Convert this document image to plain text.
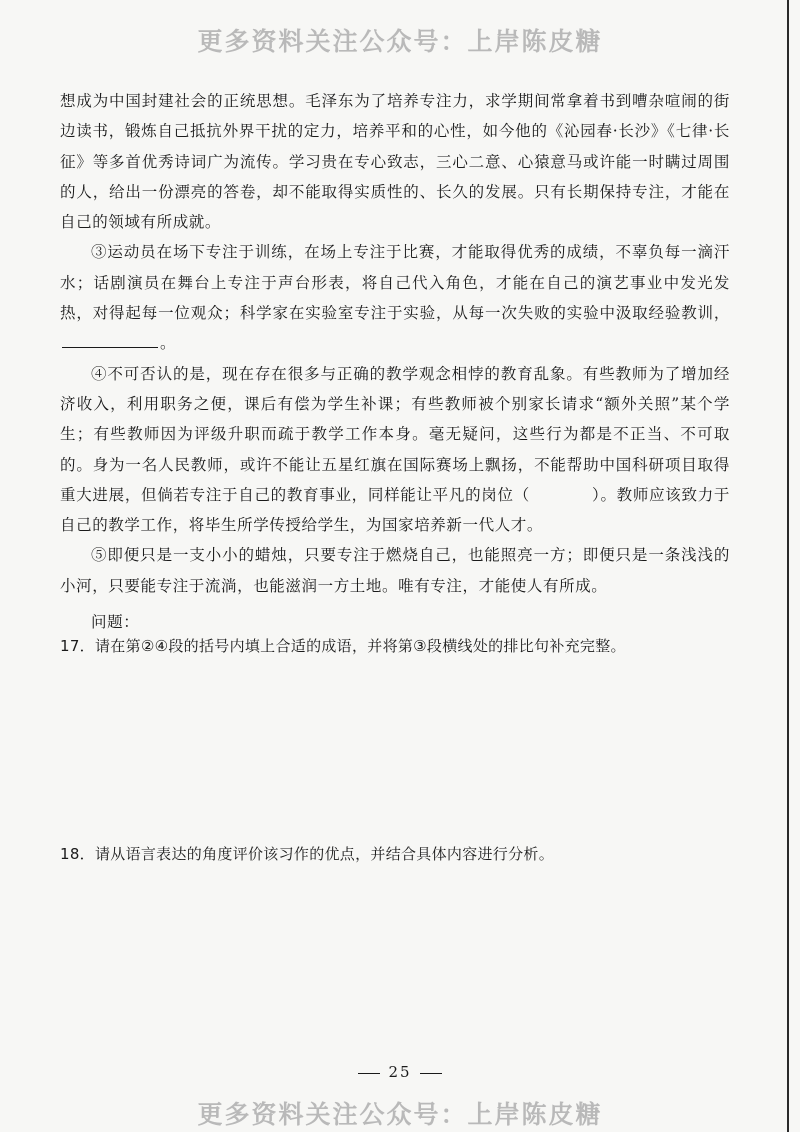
更多资料关注公众号：上岸陈皮糖

想成为中国封建社会的正统思想。毛泽东为了培养专注力，求学期间常拿着书到嘈杂喧闹的街边读书，锻炼自己抵抗外界干扰的定力，培养平和的心性，如今他的《沁园春·长沙》《七律·长征》等多首优秀诗词广为流传。学习贵在专心致志，三心二意、心猿意马或许能一时瞒过周围的人，给出一份漂亮的答卷，却不能取得实质性的、长久的发展。只有长期保持专注，才能在自己的领域有所成就。

③运动员在场下专注于训练，在场上专注于比赛，才能取得优秀的成绩，不辜负每一滴汗水；话剧演员在舞台上专注于声台形表，将自己代入角色，才能在自己的演艺事业中发光发热，对得起每一位观众；科学家在实验室专注于实验，从每一次失败的实验中汲取经验教训，。

④不可否认的是，现在存在很多与正确的教学观念相悖的教育乱象。有些教师为了增加经济收入，利用职务之便，课后有偿为学生补课；有些教师被个别家长请求“额外关照”某个学生；有些教师因为评级升职而疏于教学工作本身。毫无疑问，这些行为都是不正当、不可取的。身为一名人民教师，或许不能让五星红旗在国际赛场上飘扬，不能帮助中国科研项目取得重大进展，但倘若专注于自己的教育事业，同样能让平凡的岗位（	）。教师应该致力于自己的教学工作，将毕生所学传授给学生，为国家培养新一代人才。

⑤即便只是一支小小的蜡烛，只要专注于燃烧自己，也能照亮一方；即便只是一条浅浅的小河，只要能专注于流淌，也能滋润一方土地。唯有专注，才能使人有所成。

问题：

17．请在第②④段的括号内填上合适的成语，并将第③段横线处的排比句补充完整。

18．请从语言表达的角度评价该习作的优点，并结合具体内容进行分析。

25
更多资料关注公众号：上岸陈皮糖
